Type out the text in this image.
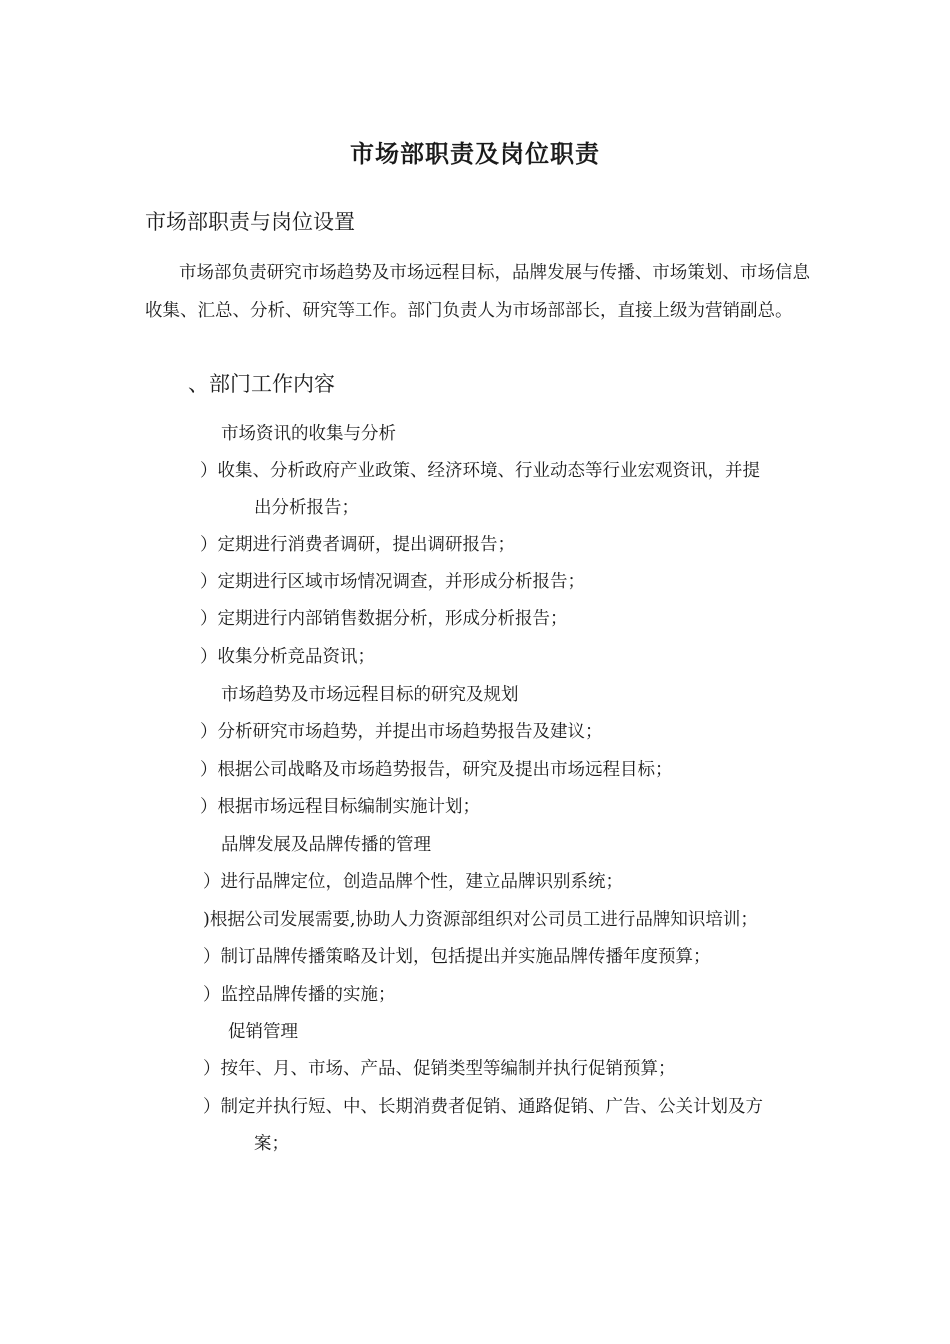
市场部职责及岗位职责
市场部职责与岗位设置
市场部负责研究市场趋势及市场远程目标，品牌发展与传播、市场策划、市场信息收集、汇总、分析、研究等工作。部门负责人为市场部部长，直接上级为营销副总。
、部门工作内容
市场资讯的收集与分析
）收集、分析政府产业政策、经济环境、行业动态等行业宏观资讯，并提
出分析报告；
）定期进行消费者调研，提出调研报告；
）定期进行区域市场情况调查，并形成分析报告；
）定期进行内部销售数据分析，形成分析报告；
）收集分析竞品资讯；
市场趋势及市场远程目标的研究及规划
）分析研究市场趋势，并提出市场趋势报告及建议；
）根据公司战略及市场趋势报告，研究及提出市场远程目标；
）根据市场远程目标编制实施计划；
品牌发展及品牌传播的管理
）进行品牌定位，创造品牌个性，建立品牌识别系统；
)根据公司发展需要,协助人力资源部组织对公司员工进行品牌知识培训；
）制订品牌传播策略及计划，包括提出并实施品牌传播年度预算；
）监控品牌传播的实施；
促销管理
）按年、月、市场、产品、促销类型等编制并执行促销预算；
）制定并执行短、中、长期消费者促销、通路促销、广告、公关计划及方
案；
